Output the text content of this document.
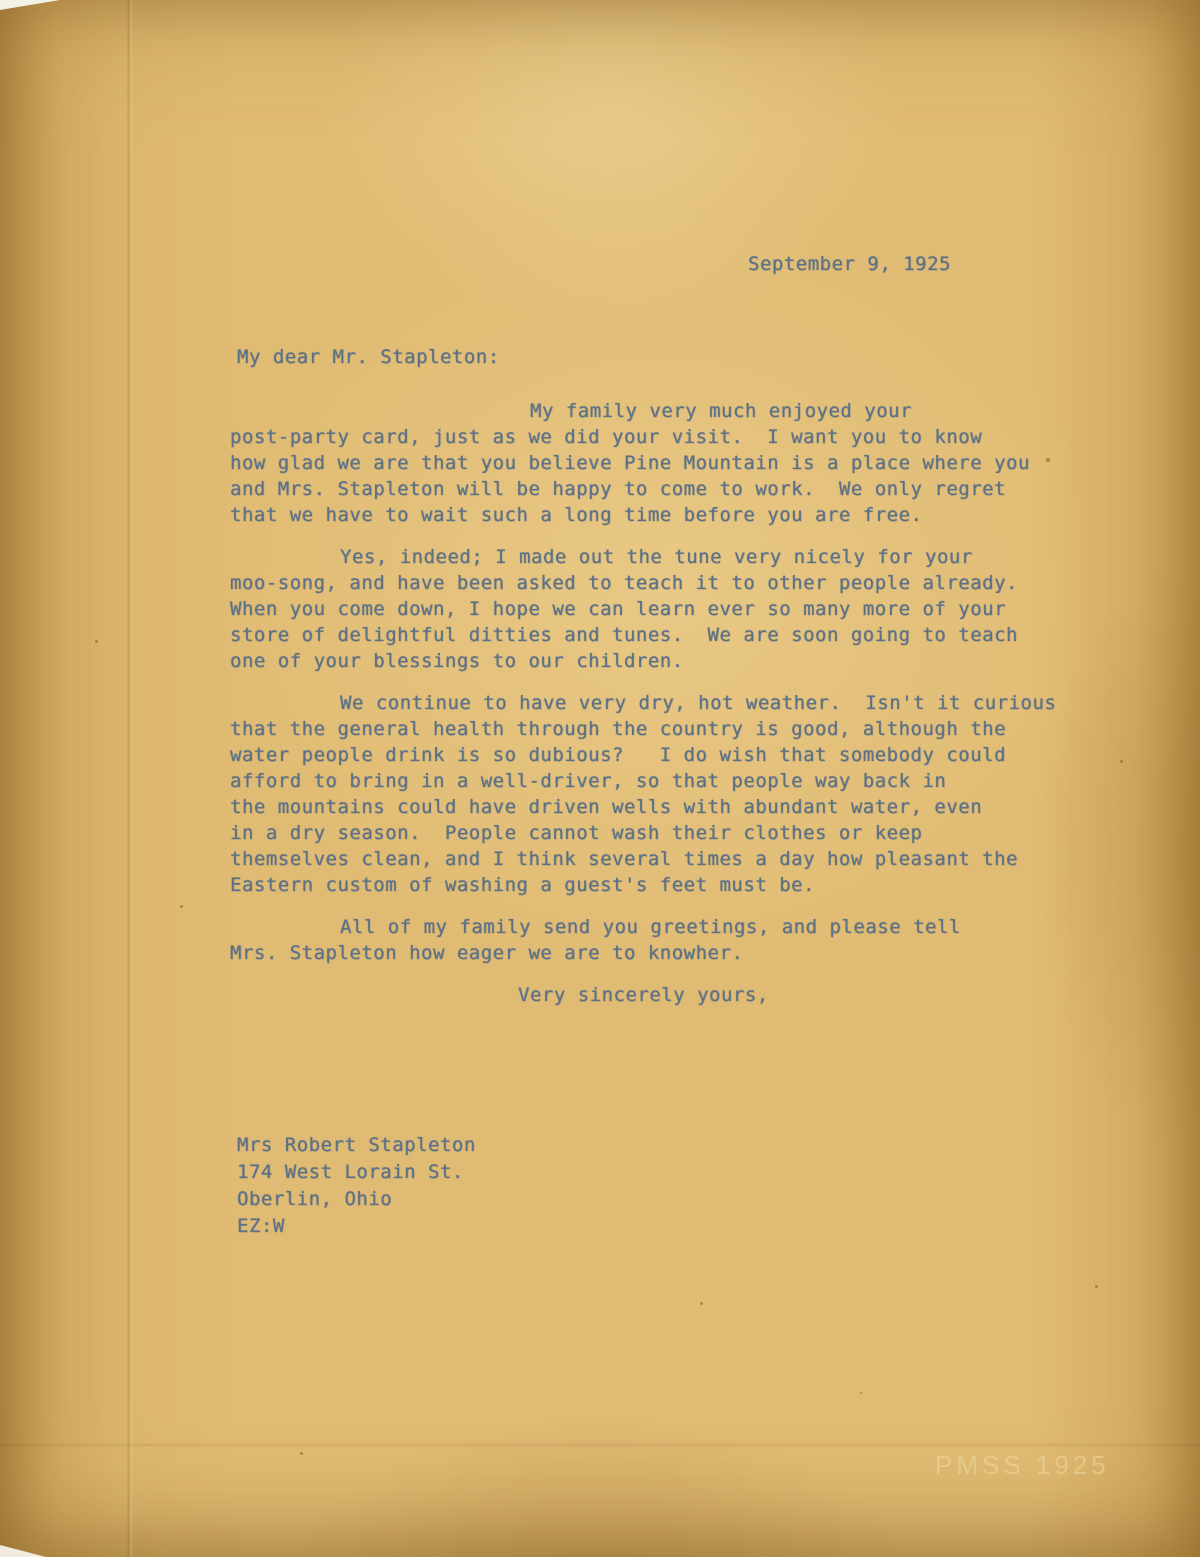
September 9, 1925
My dear Mr. Stapleton:
My family very much enjoyed your
post-party card, just as we did your visit.  I want you to know
how glad we are that you believe Pine Mountain is a place where you
and Mrs. Stapleton will be happy to come to work.  We only regret
that we have to wait such a long time before you are free.
Yes, indeed; I made out the tune very nicely for your
moo-song, and have been asked to teach it to other people already.
When you come down, I hope we can learn ever so many more of your
store of delightful ditties and tunes.  We are soon going to teach
one of your blessings to our children.
We continue to have very dry, hot weather.  Isn't it curious
that the general health through the country is good, although the
water people drink is so dubious?   I do wish that somebody could
afford to bring in a well-driver, so that people way back in
the mountains could have driven wells with abundant water, even
in a dry season.  People cannot wash their clothes or keep
themselves clean, and I think several times a day how pleasant the
Eastern custom of washing a guest's feet must be.
All of my family send you greetings, and please tell
Mrs. Stapleton how eager we are to knowher.
Very sincerely yours,
Mrs Robert Stapleton
174 West Lorain St.
Oberlin, Ohio
EZ:W
PMSS 1925
